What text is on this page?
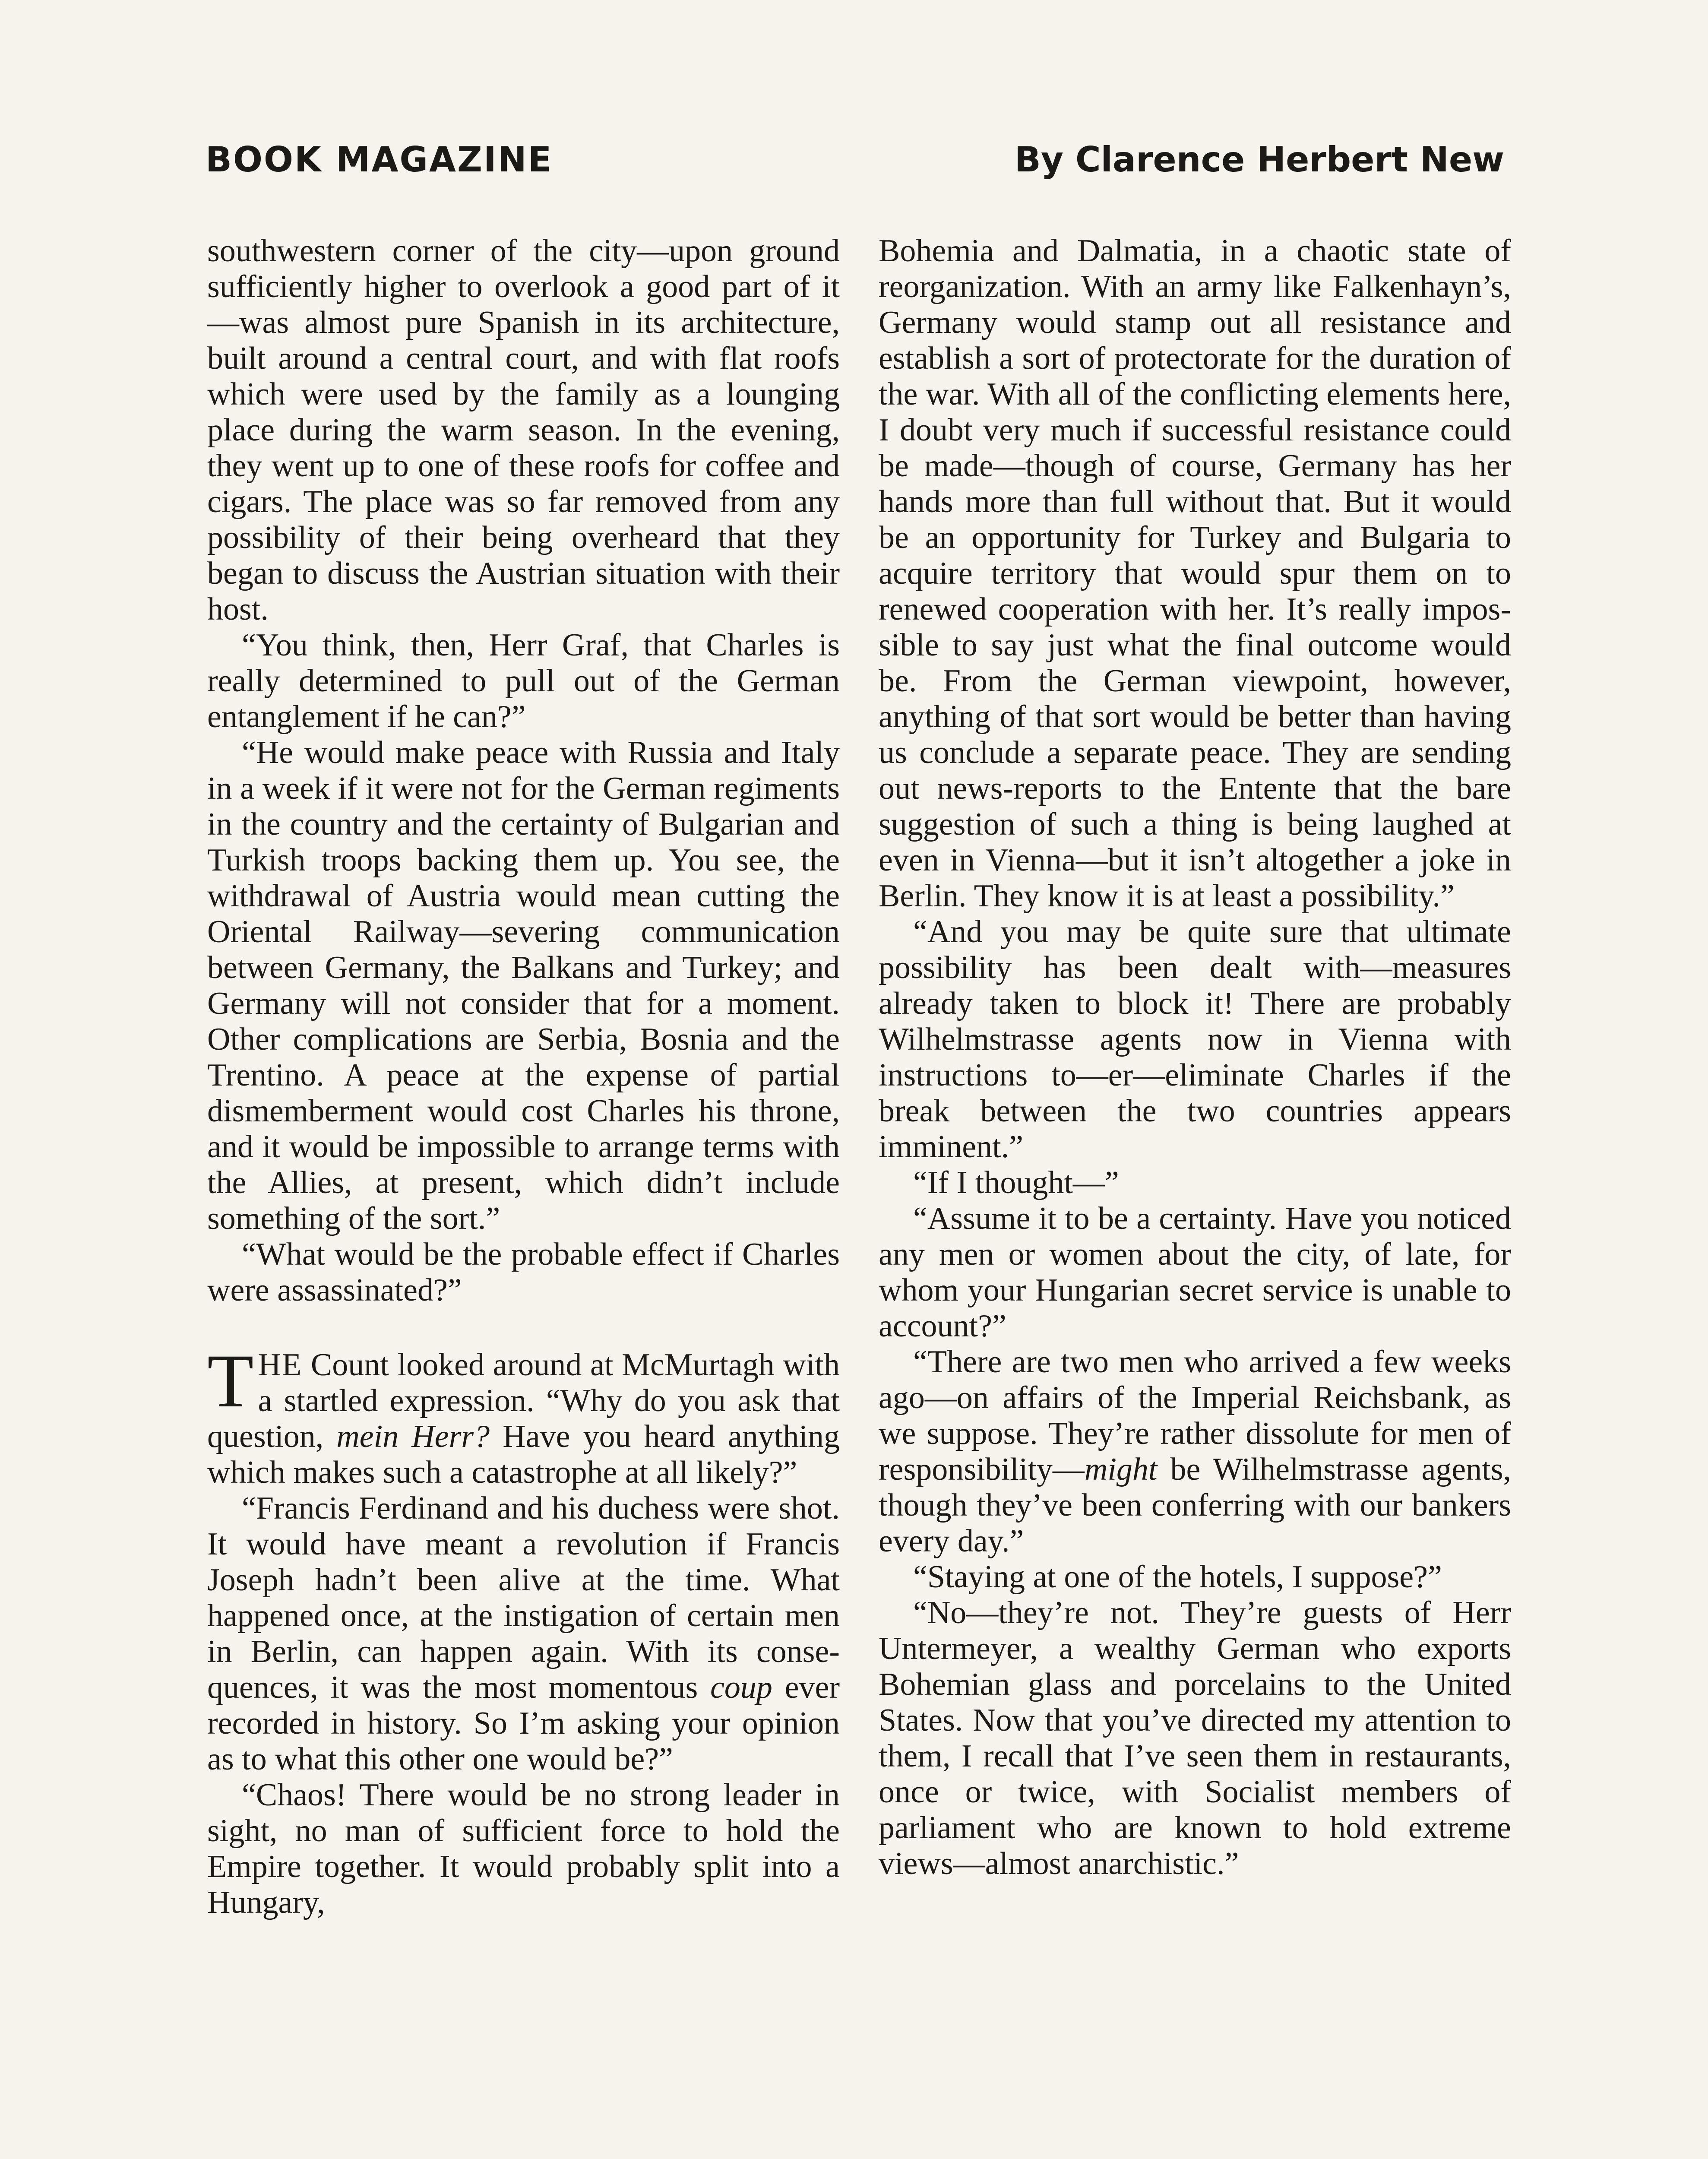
BOOK MAGAZINE	By Clarence Herbert New

southwestern corner of the city—upon ground sufficiently higher to overlook a good part of it—was almost pure Spanish in its architecture, built around a central court, and with flat roofs which were used by the family as a lounging place during the warm season. In the evening, they went up to one of these roofs for coffee and cigars. The place was so far removed from any possibility of their being overheard that they began to discuss the Austrian situation with their host.

“You think, then, Herr Graf, that Charles is really determined to pull out of the German entanglement if he can?”

“He would make peace with Russia and Italy in a week if it were not for the German regiments in the country and the certainty of Bulgarian and Turkish troops backing them up. You see, the withdrawal of Austria would mean cutting the Oriental Railway—severing communication between Germany, the Balkans and Turkey; and Germany will not consider that for a moment. Other complications are Serbia, Bosnia and the Trentino. A peace at the expense of partial dismemberment would cost Charles his throne, and it would be impossible to arrange terms with the Allies, at present, which didn’t include something of the sort.”

“What would be the probable effect if Charles were assassinated?”

THE Count looked around at McMurtagh with a startled expression. “Why do you ask that question, mein Herr? Have you heard anything which makes such a catastrophe at all likely?”

“Francis Ferdinand and his duchess were shot. It would have meant a revolution if Francis Joseph hadn’t been alive at the time. What happened once, at the instigation of certain men in Berlin, can happen again. With its consequences, it was the most momentous coup ever recorded in history. So I’m asking your opinion as to what this other one would be?”

“Chaos! There would be no strong leader in sight, no man of sufficient force to hold the Empire together. It would probably split into a Hungary,

Bohemia and Dalmatia, in a chaotic state of reorganization. With an army like Falkenhayn’s, Germany would stamp out all resistance and establish a sort of protectorate for the duration of the war. With all of the conflicting elements here, I doubt very much if successful resistance could be made—though of course, Germany has her hands more than full without that. But it would be an opportunity for Turkey and Bulgaria to acquire territory that would spur them on to renewed cooperation with her. It’s really impossible to say just what the final outcome would be. From the German viewpoint, however, anything of that sort would be better than having us conclude a separate peace. They are sending out news-reports to the Entente that the bare suggestion of such a thing is being laughed at even in Vienna—but it isn’t altogether a joke in Berlin. They know it is at least a possibility.”

“And you may be quite sure that ultimate possibility has been dealt with—measures already taken to block it! There are probably Wilhelmstrasse agents now in Vienna with instructions to—er—eliminate Charles if the break between the two countries appears imminent.”

“If I thought—”

“Assume it to be a certainty. Have you noticed any men or women about the city, of late, for whom your Hungarian secret service is unable to account?”

“There are two men who arrived a few weeks ago—on affairs of the Imperial Reichsbank, as we suppose. They’re rather dissolute for men of responsibility—might be Wilhelmstrasse agents, though they’ve been conferring with our bankers every day.”

“Staying at one of the hotels, I suppose?”

“No—they’re not. They’re guests of Herr Untermeyer, a wealthy German who exports Bohemian glass and porcelains to the United States. Now that you’ve directed my attention to them, I recall that I’ve seen them in restaurants, once or twice, with Socialist members of parliament who are known to hold extreme views—almost anarchistic.”
